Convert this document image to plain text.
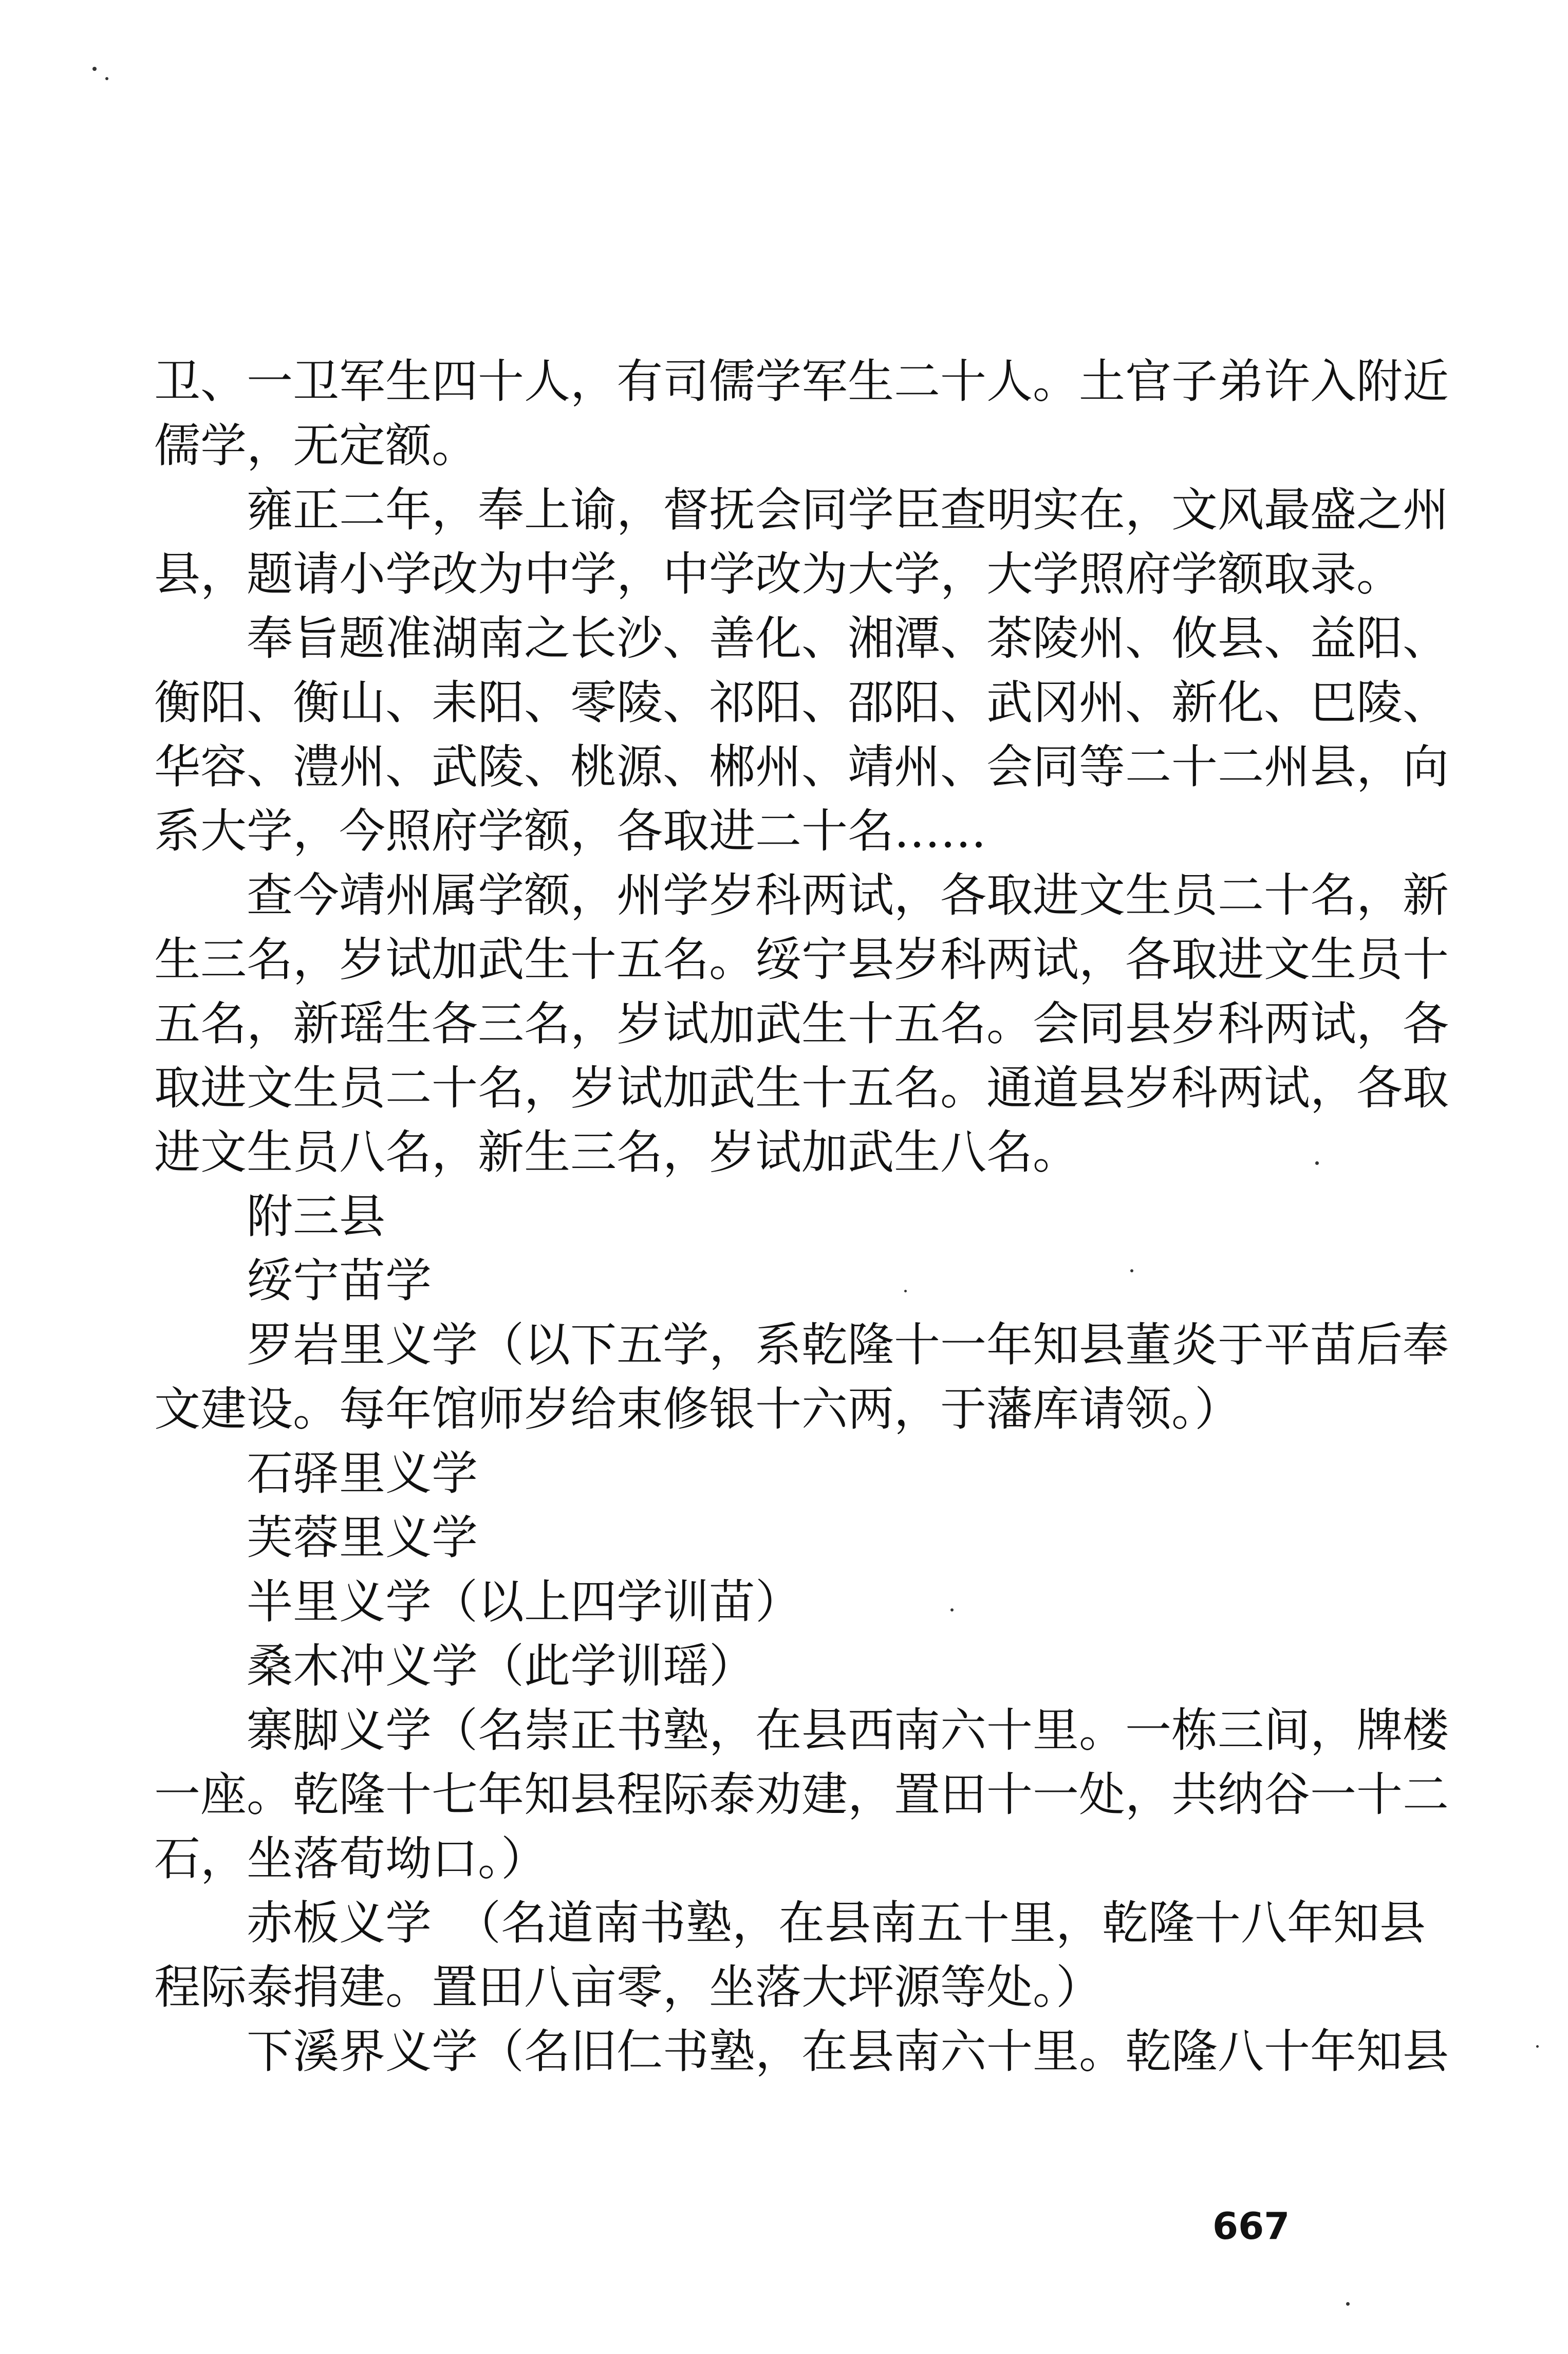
卫、一卫军生四十人，有司儒学军生二十人。土官子弟许入附近
儒学，无定额。
雍正二年，奉上谕，督抚会同学臣查明实在，文风最盛之州
县，题请小学改为中学，中学改为大学，大学照府学额取录。
奉旨题准湖南之长沙、善化、湘潭、茶陵州、攸县、益阳、
衡阳、衡山、耒阳、零陵、祁阳、邵阳、武冈州、新化、巴陵、
华容、澧州、武陵、桃源、郴州、靖州、会同等二十二州县，向
系大学，今照府学额，各取进二十名……
查今靖州属学额，州学岁科两试，各取进文生员二十名，新
生三名，岁试加武生十五名。绥宁县岁科两试，各取进文生员十
五名，新瑶生各三名，岁试加武生十五名。会同县岁科两试，各
取进文生员二十名，岁试加武生十五名。通道县岁科两试，各取
进文生员八名，新生三名，岁试加武生八名。
附三县
绥宁苗学
罗岩里义学（以下五学，系乾隆十一年知县董炎于平苗后奉
文建设。每年馆师岁给束修银十六两，于藩库请领。）
石驿里义学
芙蓉里义学
半里义学（以上四学训苗）
桑木冲义学（此学训瑶）
寨脚义学（名崇正书塾，在县西南六十里。一栋三间，牌楼
一座。乾隆十七年知县程际泰劝建，置田十一处，共纳谷一十二
石，坐落荀坳口。）
赤板义学　（名道南书塾，在县南五十里，乾隆十八年知县
程际泰捐建。置田八亩零，坐落大坪源等处。）
下溪界义学（名旧仁书塾，在县南六十里。乾隆八十年知县
667
